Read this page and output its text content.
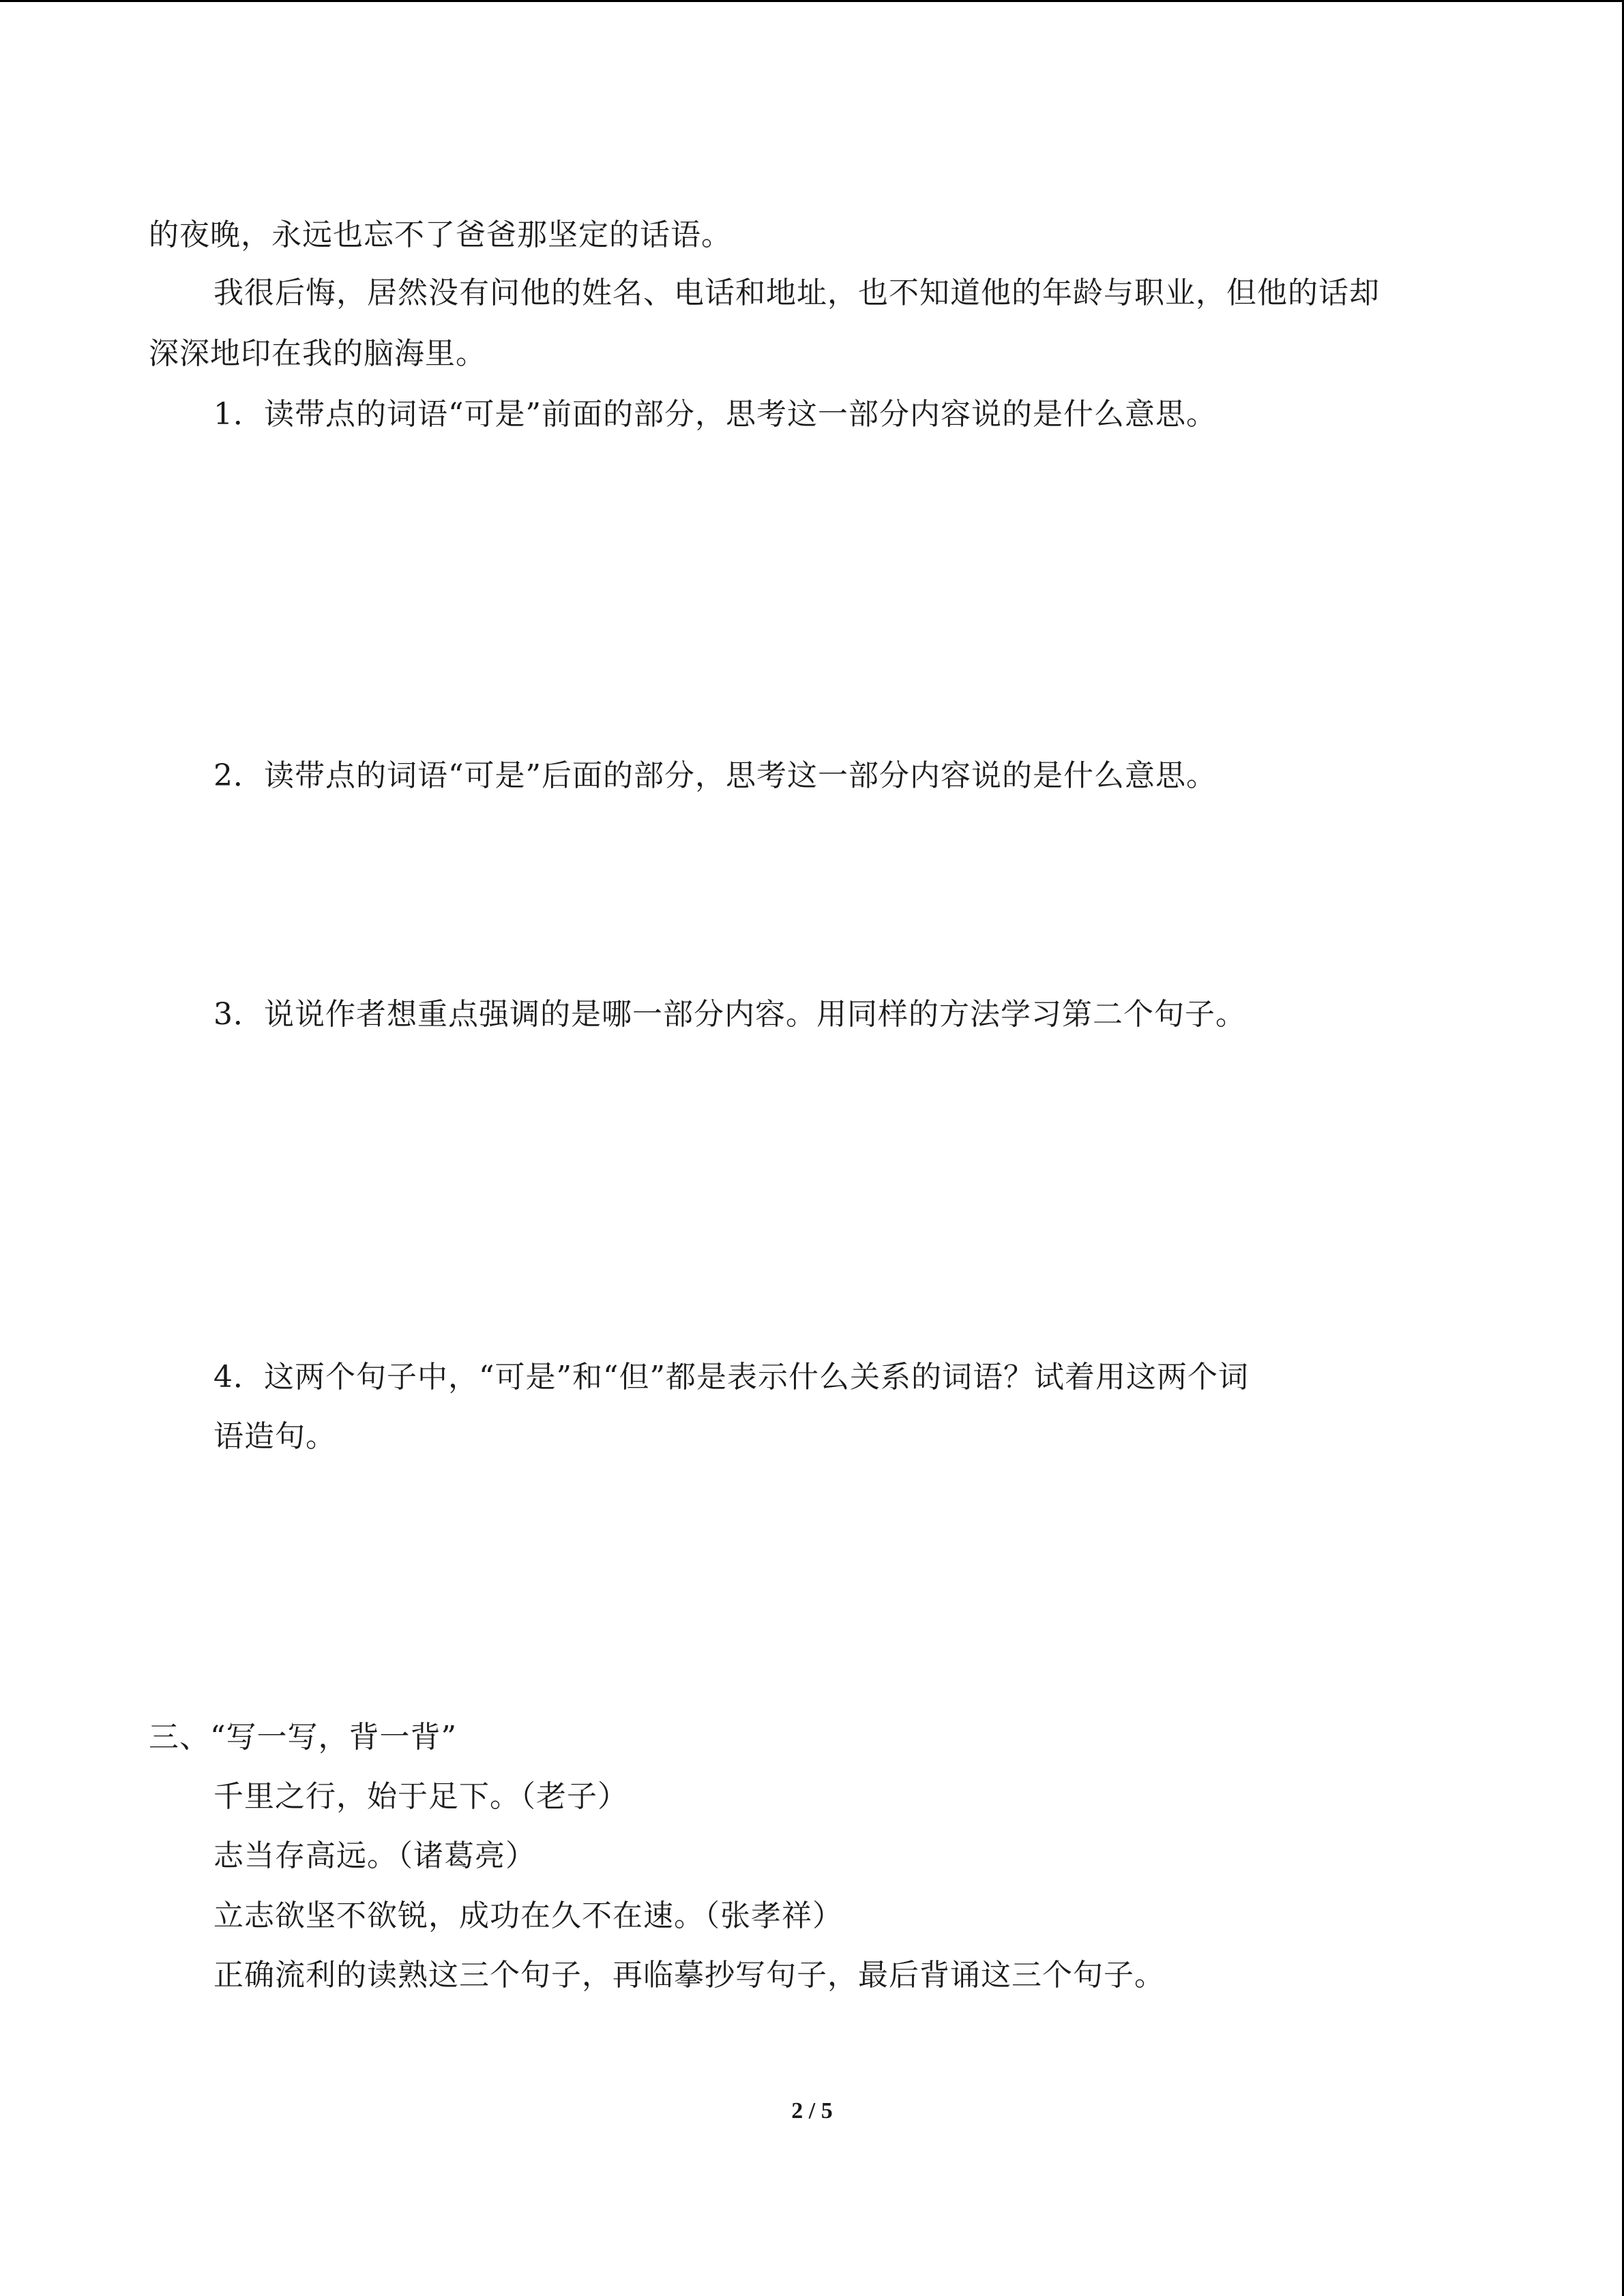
的夜晚，永远也忘不了爸爸那坚定的话语。
我很后悔，居然没有问他的姓名、电话和地址，也不知道他的年龄与职业，但他的话却
深深地印在我的脑海里。
1．读带点的词语“可是”前面的部分，思考这一部分内容说的是什么意思。
2．读带点的词语“可是”后面的部分，思考这一部分内容说的是什么意思。
3．说说作者想重点强调的是哪一部分内容。用同样的方法学习第二个句子。
4．这两个句子中，“可是”和“但”都是表示什么关系的词语？试着用这两个词
语造句。
三、“写一写，背一背”
千里之行，始于足下。（老子）
志当存高远。（诸葛亮）
立志欲坚不欲锐，成功在久不在速。（张孝祥）
正确流利的读熟这三个句子，再临摹抄写句子，最后背诵这三个句子。
2 / 5
